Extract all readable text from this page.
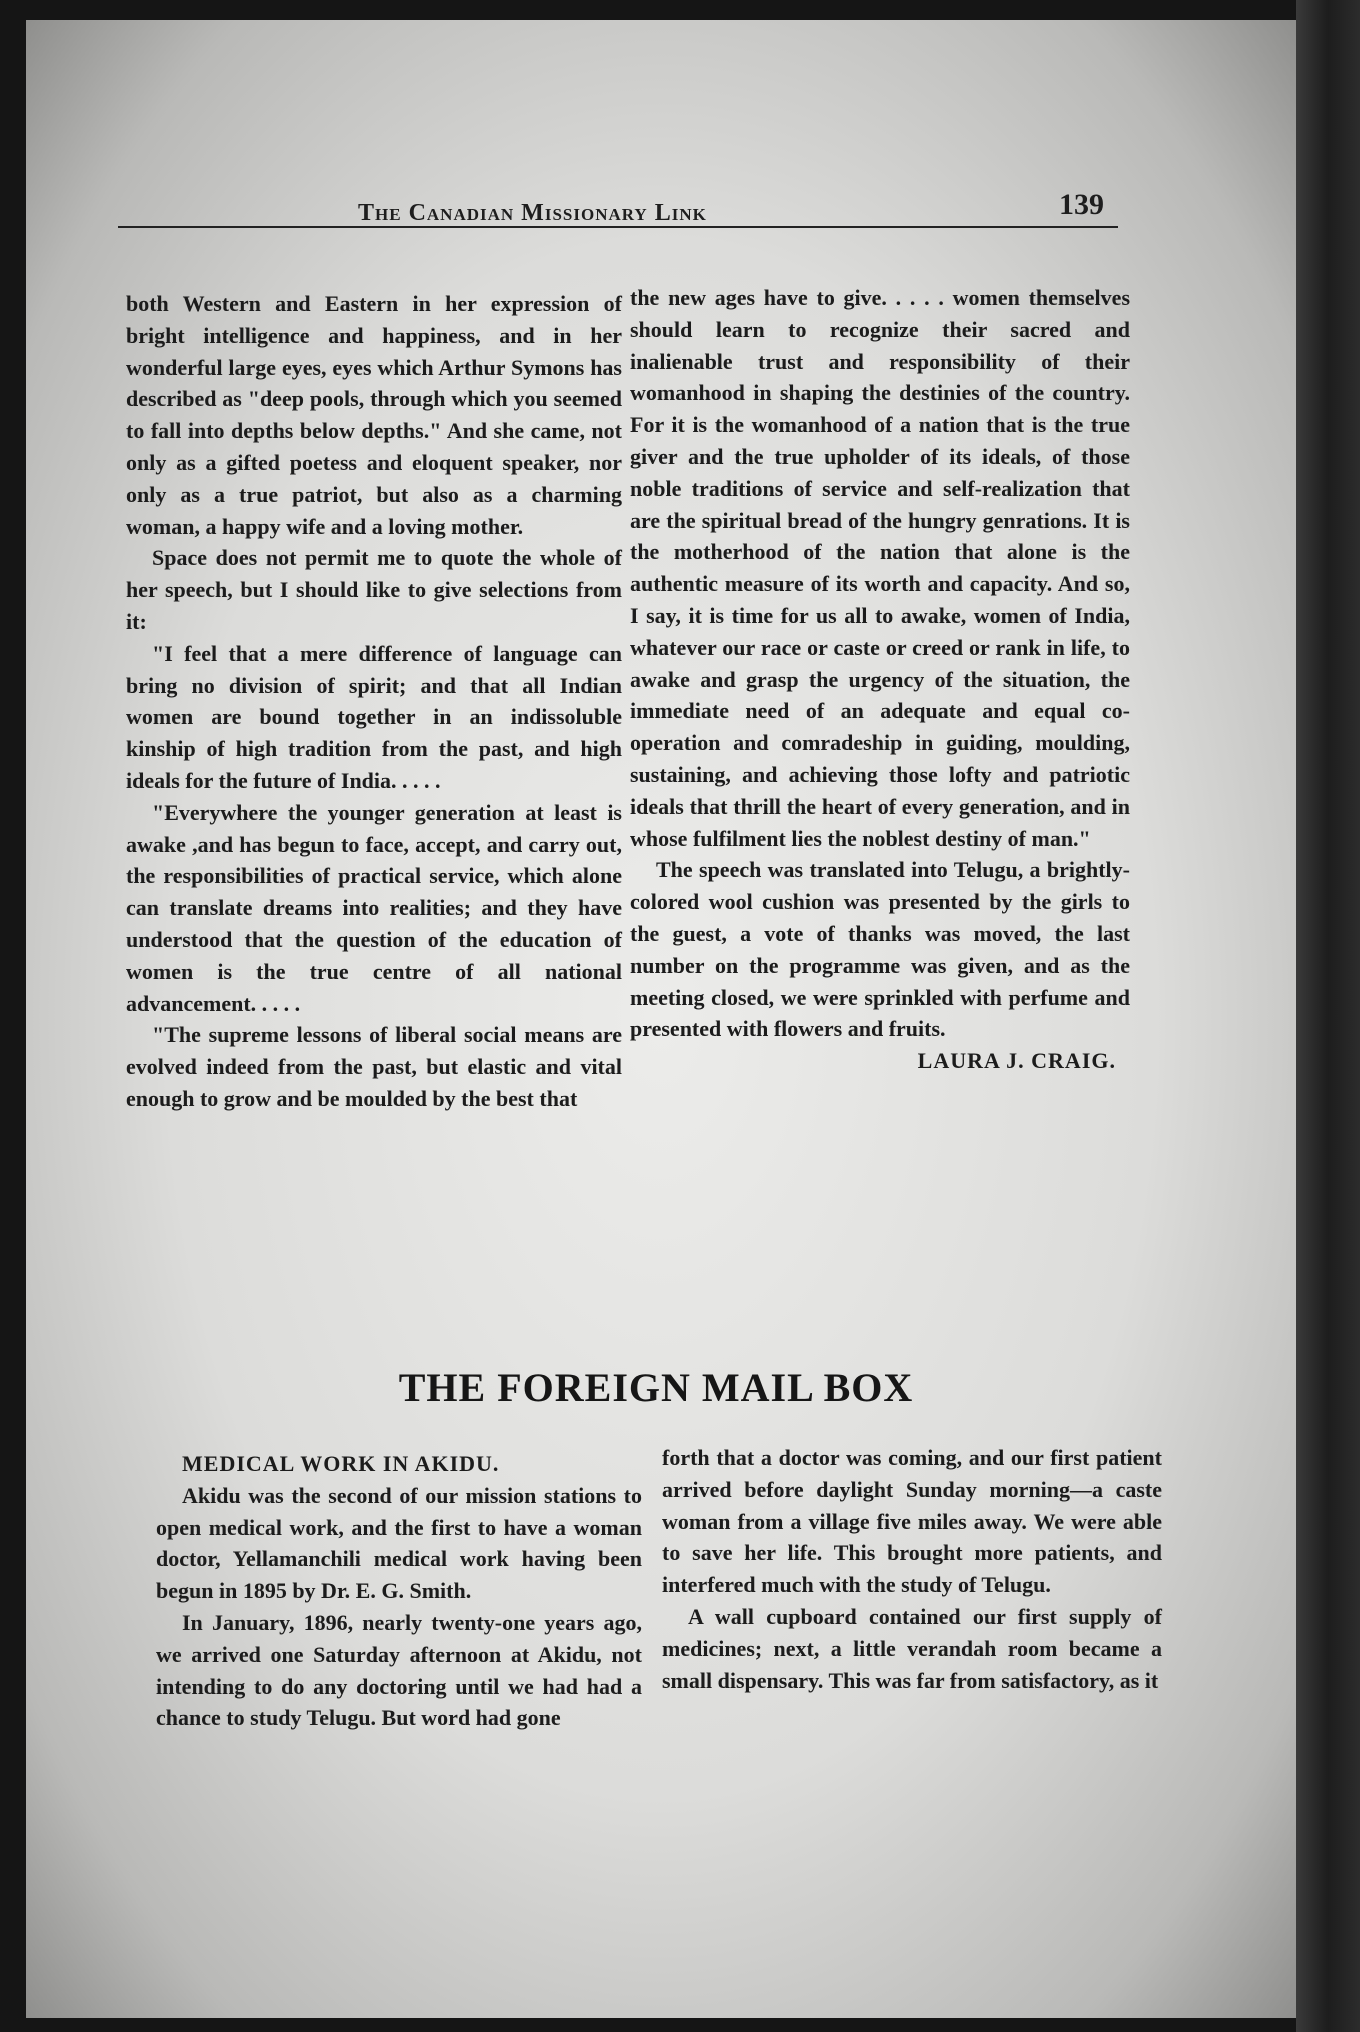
The Canadian Missionary Link	139

both Western and Eastern in her expression of bright intelligence and happiness, and in her wonderful large eyes, eyes which Arthur Symons has described as "deep pools, through which you seemed to fall into depths below depths." And she came, not only as a gifted poetess and eloquent speaker, nor only as a true patriot, but also as a charming woman, a happy wife and a loving mother.

Space does not permit me to quote the whole of her speech, but I should like to give selections from it:

"I feel that a mere difference of language can bring no division of spirit; and that all Indian women are bound together in an indissoluble kinship of high tradition from the past, and high ideals for the future of India. . . . .

"Everywhere the younger generation at least is awake ,and has begun to face, accept, and carry out, the responsibilities of practical service, which alone can translate dreams into realities; and they have understood that the question of the education of women is the true centre of all national advancement. . . . .

"The supreme lessons of liberal social means are evolved indeed from the past, but elastic and vital enough to grow and be moulded by the best that

the new ages have to give. . . . . women themselves should learn to recognize their sacred and inalienable trust and responsibility of their womanhood in shaping the destinies of the country. For it is the womanhood of a nation that is the true giver and the true upholder of its ideals, of those noble traditions of service and self-realization that are the spiritual bread of the hungry genrations. It is the motherhood of the nation that alone is the authentic measure of its worth and capacity. And so, I say, it is time for us all to awake, women of India, whatever our race or caste or creed or rank in life, to awake and grasp the urgency of the situation, the immediate need of an adequate and equal co-operation and comradeship in guiding, moulding, sustaining, and achieving those lofty and patriotic ideals that thrill the heart of every generation, and in whose fulfilment lies the noblest destiny of man."

The speech was translated into Telugu, a brightly-colored wool cushion was presented by the girls to the guest, a vote of thanks was moved, the last number on the programme was given, and as the meeting closed, we were sprinkled with perfume and presented with flowers and fruits.

LAURA J. CRAIG.

THE FOREIGN MAIL BOX

MEDICAL WORK IN AKIDU.

Akidu was the second of our mission stations to open medical work, and the first to have a woman doctor, Yellamanchili medical work having been begun in 1895 by Dr. E. G. Smith.

In January, 1896, nearly twenty-one years ago, we arrived one Saturday afternoon at Akidu, not intending to do any doctoring until we had had a chance to study Telugu. But word had gone

forth that a doctor was coming, and our first patient arrived before daylight Sunday morning—a caste woman from a village five miles away. We were able to save her life. This brought more patients, and interfered much with the study of Telugu.

A wall cupboard contained our first supply of medicines; next, a little verandah room became a small dispensary. This was far from satisfactory, as it
